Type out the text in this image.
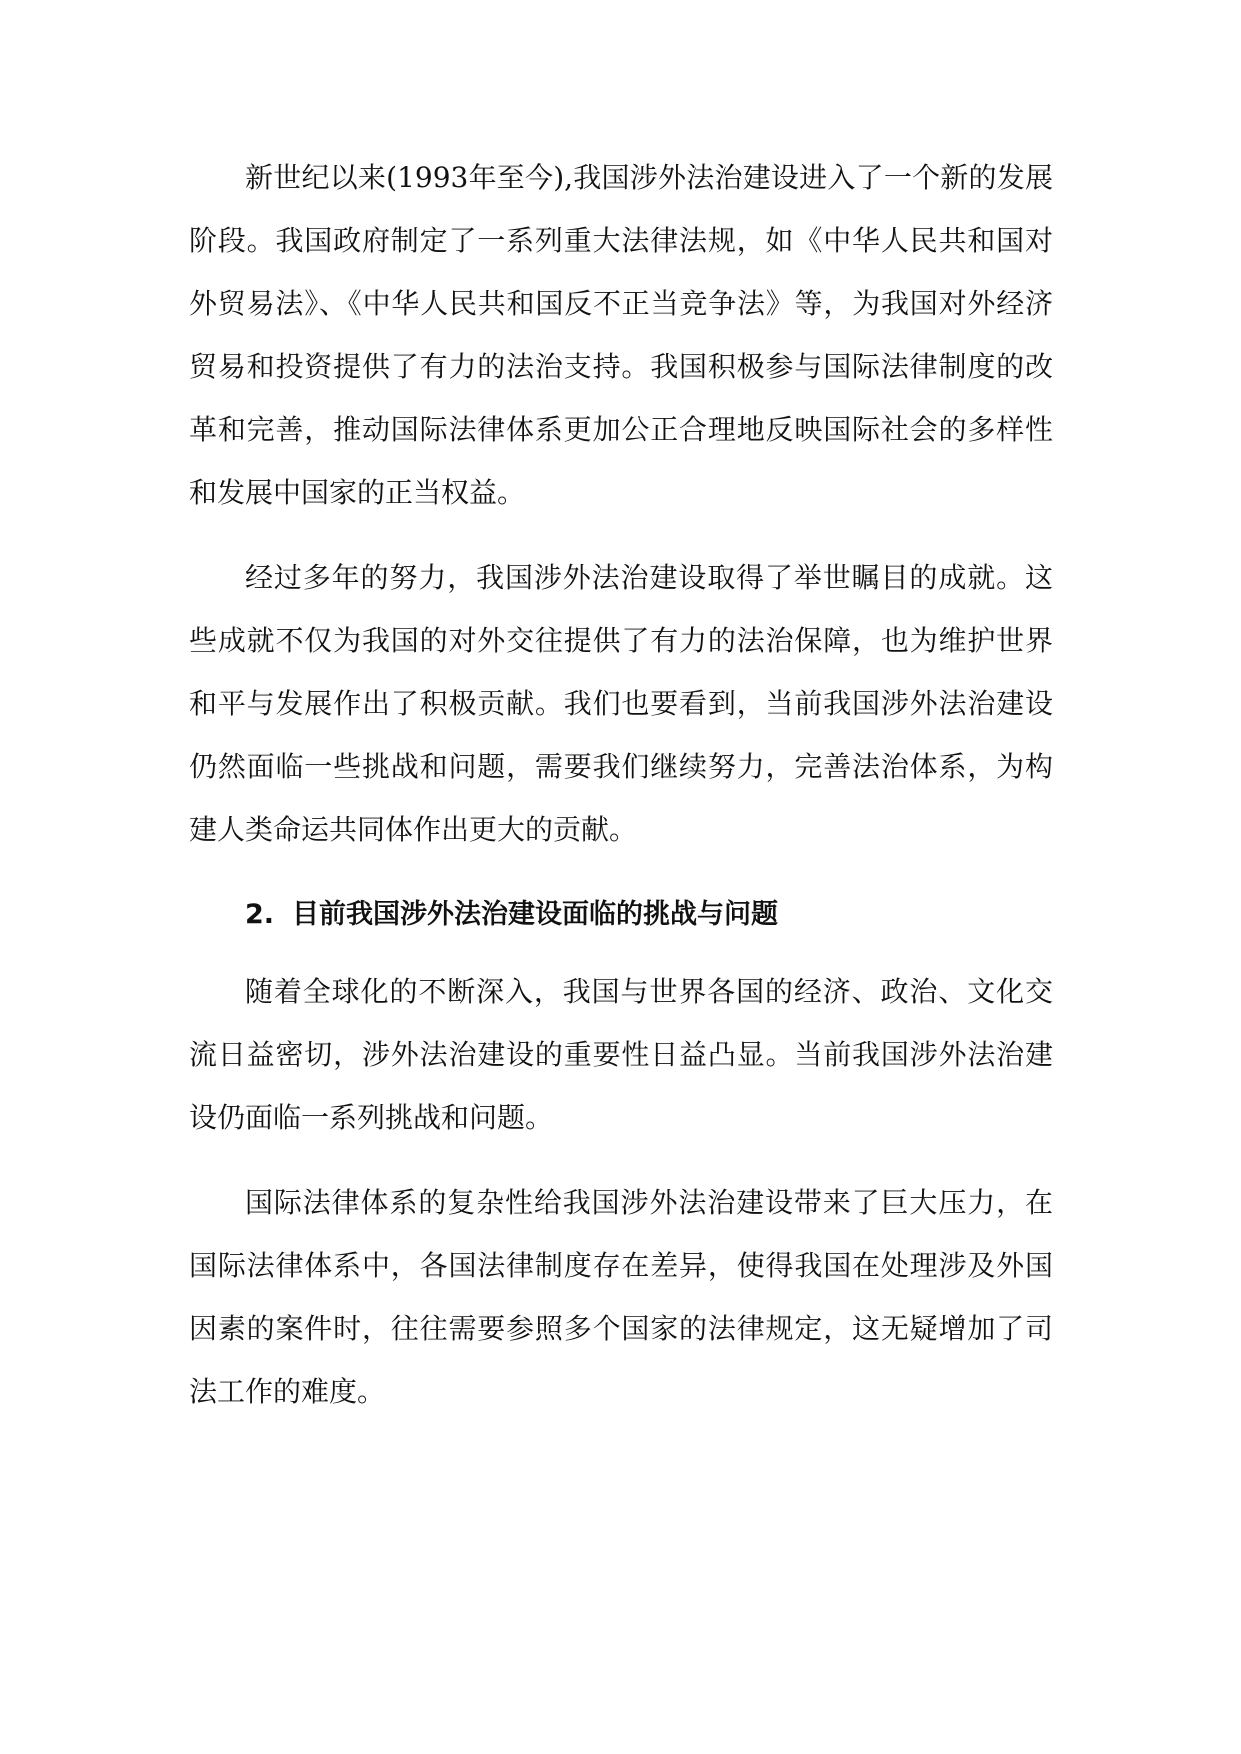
新世纪以来(1993年至今),我国涉外法治建设进入了一个新的发展阶段。我国政府制定了一系列重大法律法规，如《中华人民共和国对外贸易法》、《中华人民共和国反不正当竞争法》等，为我国对外经济贸易和投资提供了有力的法治支持。我国积极参与国际法律制度的改革和完善，推动国际法律体系更加公正合理地反映国际社会的多样性和发展中国家的正当权益。

经过多年的努力，我国涉外法治建设取得了举世瞩目的成就。这些成就不仅为我国的对外交往提供了有力的法治保障，也为维护世界和平与发展作出了积极贡献。我们也要看到，当前我国涉外法治建设仍然面临一些挑战和问题，需要我们继续努力，完善法治体系，为构建人类命运共同体作出更大的贡献。

2. 目前我国涉外法治建设面临的挑战与问题

随着全球化的不断深入，我国与世界各国的经济、政治、文化交流日益密切，涉外法治建设的重要性日益凸显。当前我国涉外法治建设仍面临一系列挑战和问题。

国际法律体系的复杂性给我国涉外法治建设带来了巨大压力，在国际法律体系中，各国法律制度存在差异，使得我国在处理涉及外国因素的案件时，往往需要参照多个国家的法律规定，这无疑增加了司法工作的难度。
